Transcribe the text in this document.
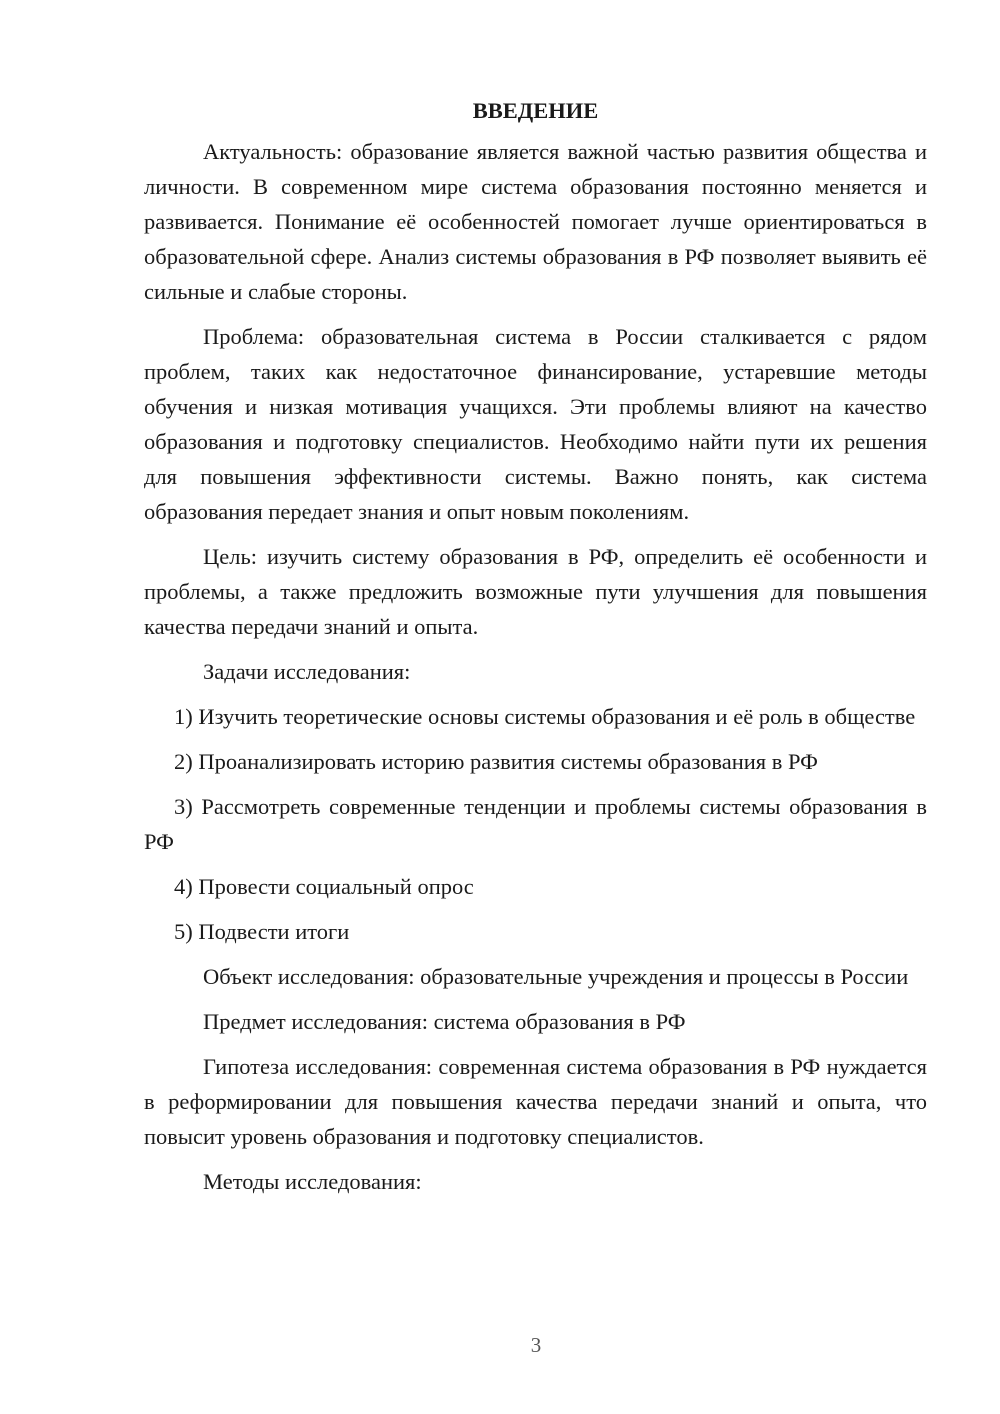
ВВЕДЕНИЕ

Актуальность: образование является важной частью развития общества и личности. В современном мире система образования постоянно меняется и развивается. Понимание её особенностей помогает лучше ориентироваться в образовательной сфере. Анализ системы образования в РФ позволяет выявить её сильные и слабые стороны.

Проблема: образовательная система в России сталкивается с рядом проблем, таких как недостаточное финансирование, устаревшие методы обучения и низкая мотивация учащихся. Эти проблемы влияют на качество образования и подготовку специалистов. Необходимо найти пути их решения для повышения эффективности системы. Важно понять, как система образования передает знания и опыт новым поколениям.

Цель: изучить систему образования в РФ, определить её особенности и проблемы, а также предложить возможные пути улучшения для повышения качества передачи знаний и опыта.

Задачи исследования:

1) Изучить теоретические основы системы образования и её роль в обществе

2) Проанализировать историю развития системы образования в РФ

3) Рассмотреть современные тенденции и проблемы системы образования в РФ

4) Провести социальный опрос

5) Подвести итоги

Объект исследования: образовательные учреждения и процессы в России

Предмет исследования: система образования в РФ

Гипотеза исследования: современная система образования в РФ нуждается в реформировании для повышения качества передачи знаний и опыта, что повысит уровень образования и подготовку специалистов.

Методы исследования:

3
